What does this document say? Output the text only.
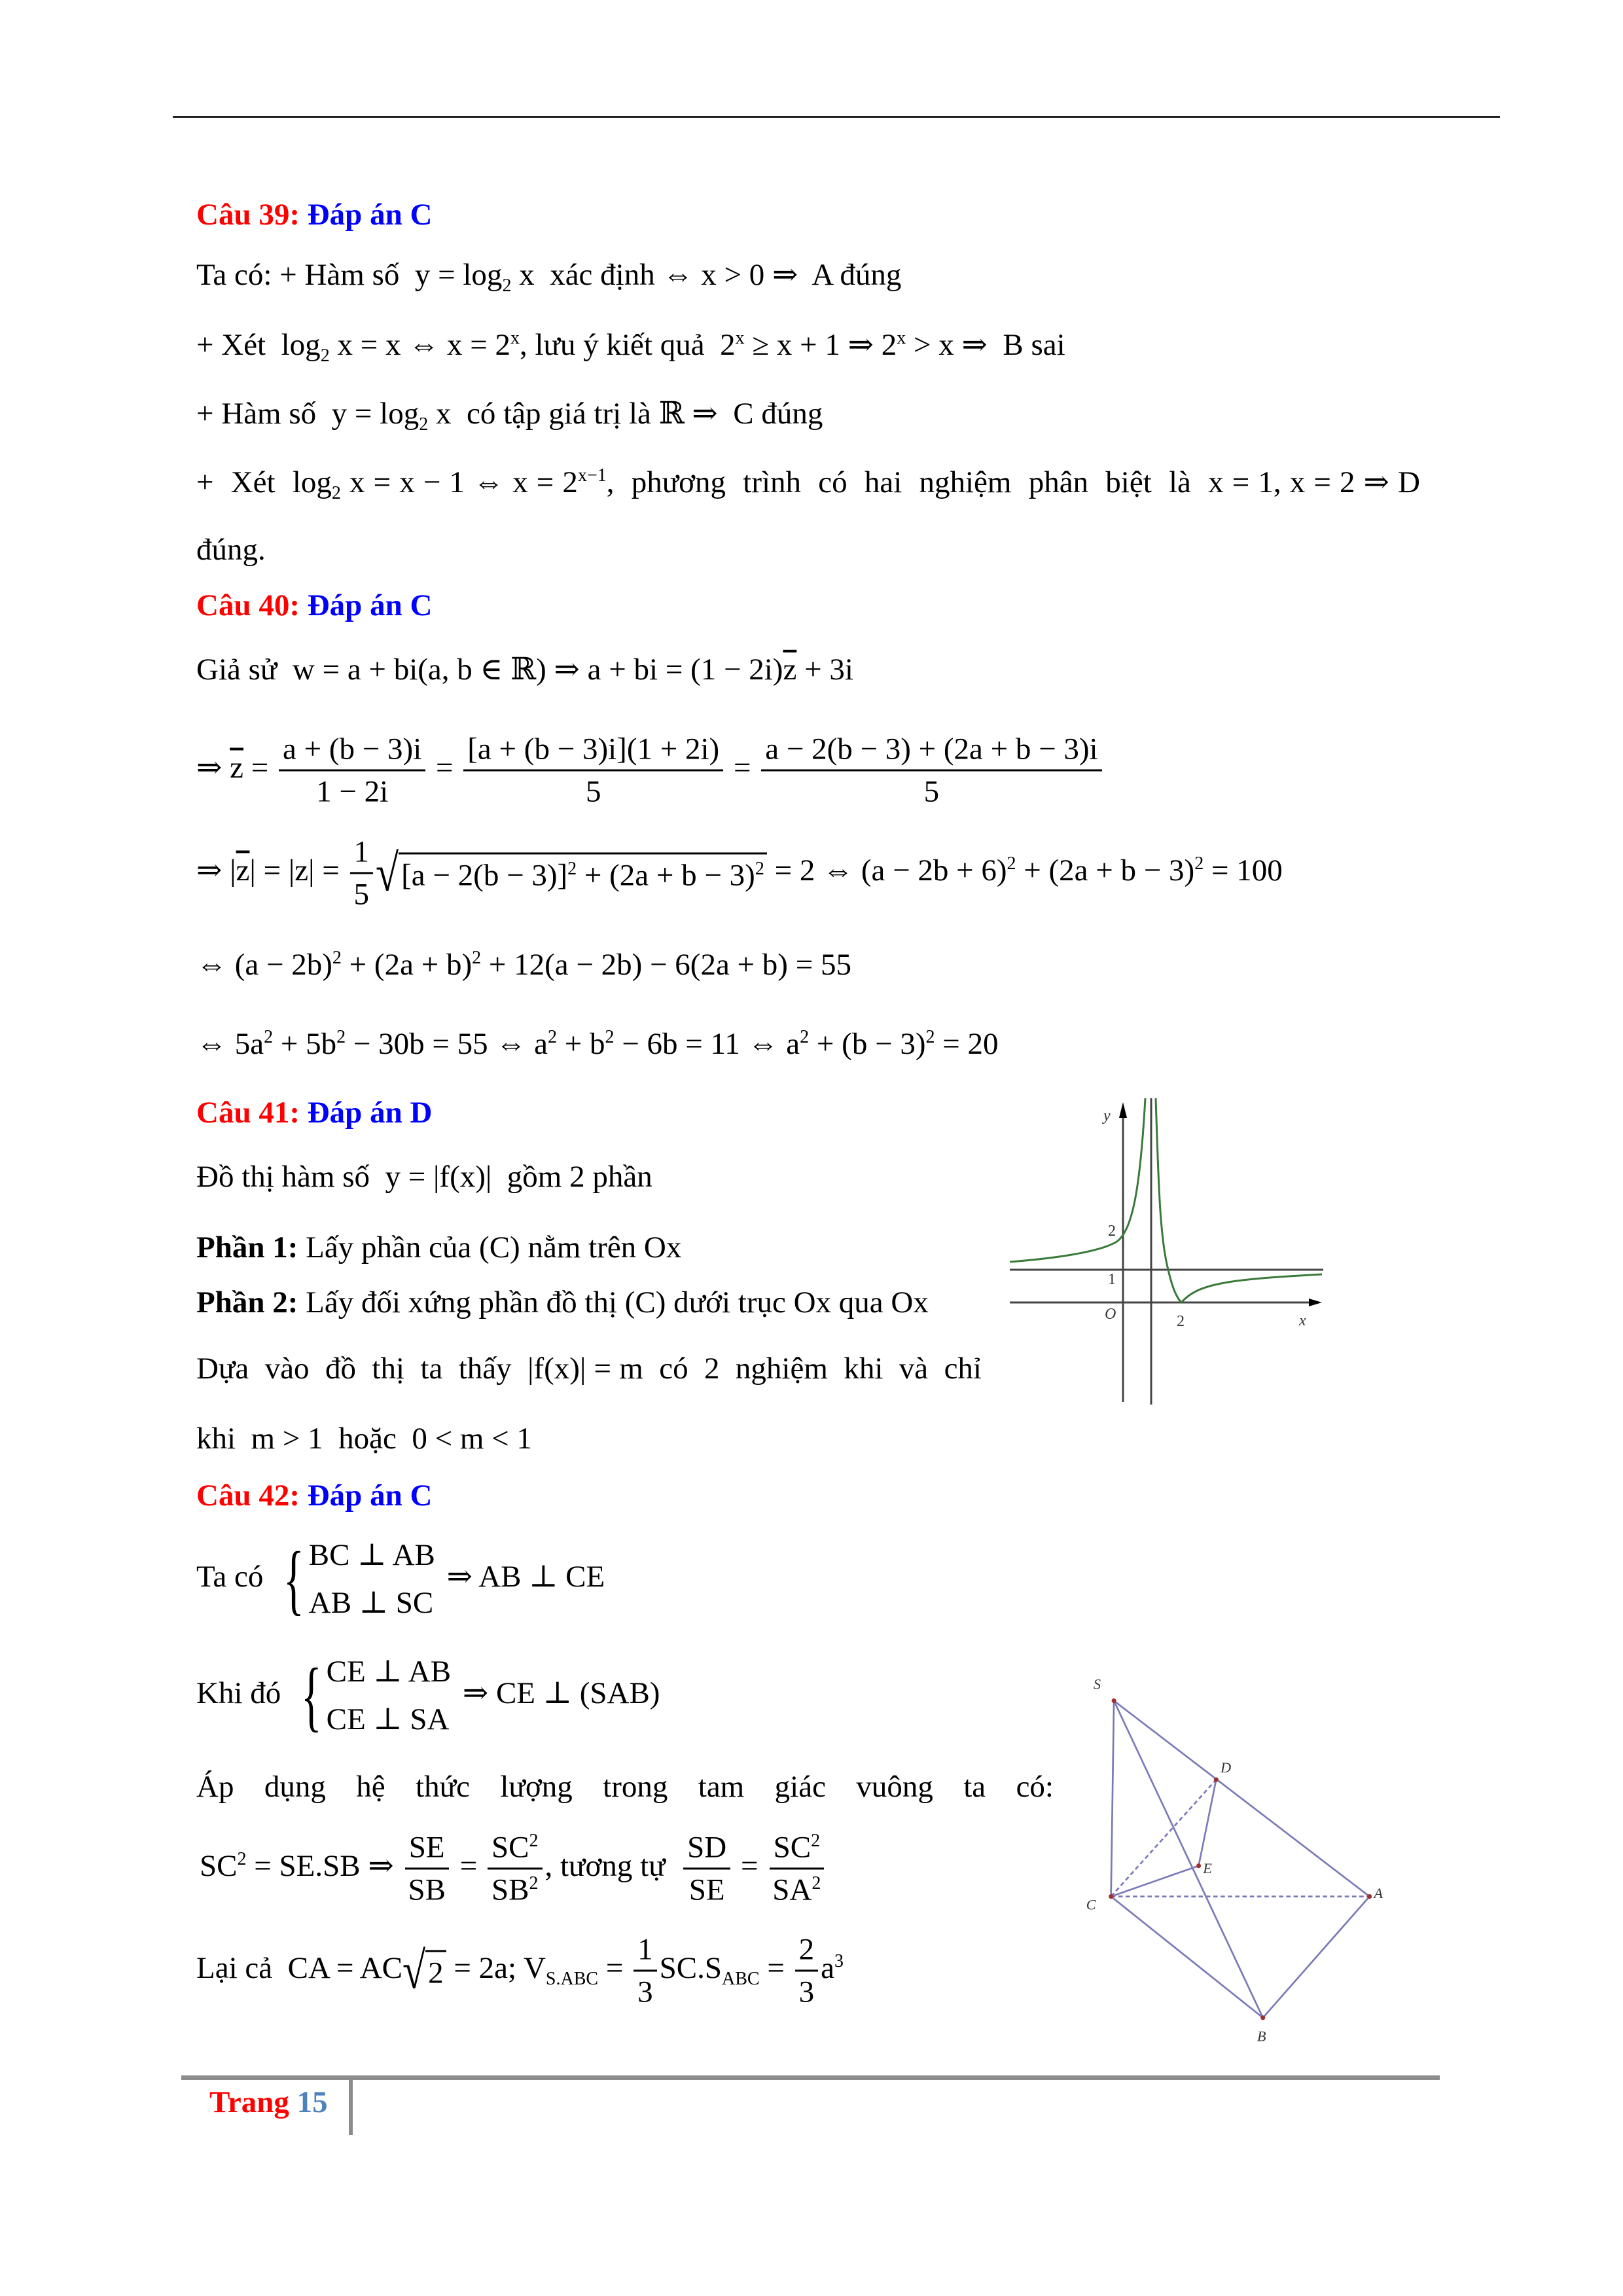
Câu 39: Đáp án C
Ta có: + Hàm số  $y = \log_2 x$  xác định ⇔ x > 0 ⇒  A đúng
+ Xét  $\log_2 x = x$ ⇔ $x = 2^x$, lưu ý kiết quả  $2^x \ge x + 1$ ⇒ $2^x > x$ ⇒  B sai
+ Hàm số  $y = \log_2 x$  có tập giá trị là ℝ ⇒  C đúng
+  Xét  $\log_2 x = x - 1$ ⇔ $x = 2^{x-1}$,  phương  trình  có  hai  nghiệm  phân  biệt  là  x = 1, x = 2 ⇒ D
đúng.
Câu 40: Đáp án C
Giả sử  w = a + bi(a, b ∈ ℝ) ⇒ a + bi = $(1 - 2i)\overline{z} + 3i$
⇒ $\overline{z} = \frac{a + (b - 3)i}{1 - 2i} = \frac{[a + (b - 3)i](1 + 2i)}{5} = \frac{a - 2(b - 3) + (2a + b - 3)i}{5}$
⇒ $|\overline{z}| = |z| = \frac{1}{5}$ √ $[a - 2(b - 3)]^2 + (2a + b - 3)^2 = 2$ ⇔ $(a - 2b + 6)^2 + (2a + b - 3)^2 = 100$
⇔ $(a - 2b)^2 + (2a + b)^2 + 12(a - 2b) - 6(2a + b) = 55$
⇔ $5a^2 + 5b^2 - 30b = 55$ ⇔ $a^2 + b^2 - 6b = 11$ ⇔ $a^2 + (b - 3)^2 = 20$
Câu 41: Đáp án D
Đồ thị hàm số  y = |f(x)|  gồm 2 phần
Phần 1: Lấy phần của (C) nằm trên Ox
Phần 2: Lấy đối xứng phần đồ thị (C) dưới trục Ox qua Ox
Dựa  vào  đồ  thị  ta  thấy  |f(x)| = m  có  2  nghiệm  khi  và  chỉ
khi  m > 1  hoặc  0 < m < 1
y
x
O
2
1
2
Câu 42: Đáp án C
Ta có { BC ⊥ AB
AB ⊥ SC
⇒ AB ⊥ CE
Khi đó { CE ⊥ AB
CE ⊥ SA
⇒ CE ⊥ (SAB)
Áp  dụng  hệ  thức  lượng  trong  tam  giác  vuông  ta  có:
$SC^2 = SE.SB$ ⇒ $\frac{SE}{SB} = \frac{SC^2}{SB^2}$ , tương tự $\frac{SD}{SE} = \frac{SC^2}{SA^2}$
Lại cả  CA = AC √ 2 = 2a; $V_{S.ABC} = \frac{1}{3} SC.S_{ABC} = \frac{2}{3} a^3$
S
D
E
C
A
B
Trang 15
